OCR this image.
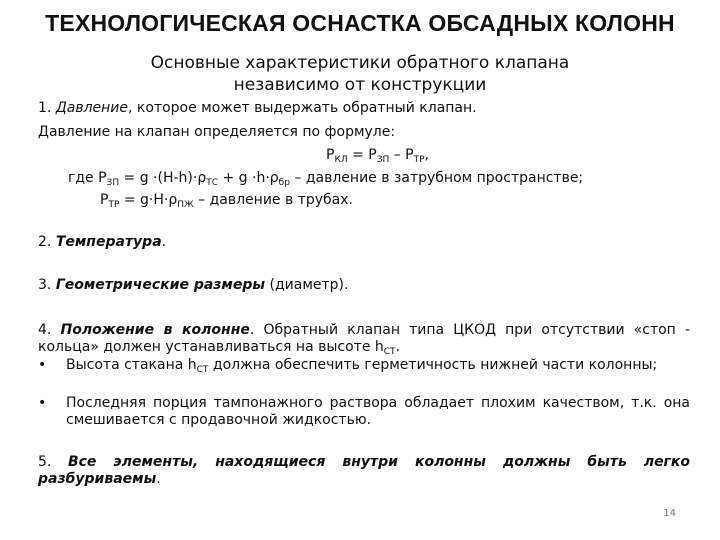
ТЕХНОЛОГИЧЕСКАЯ ОСНАСТКА ОБСАДНЫХ КОЛОНН
Основные характеристики обратного клапана
независимо от конструкции
1. Давление, которое может выдержать обратный клапан.
Давление на клапан определяется по формуле:
$Р_{КЛ} = Р_{ЗП} - Р_{ТР}$,
где $Р_{ЗП} = g \cdot(H-h)\cdot\rho_{ТС} + g \cdot h\cdot\rho_{бр}$ – давление в затрубном пространстве;
$Р_{ТР} = g\cdot H\cdot\rho_{ПЖ}$ – давление в трубах.
2. Температура.
3. Геометрические размеры (диаметр).
4. Положение в колонне. Обратный клапан типа ЦКОД при отсутствии «стоп - кольца» должен устанавливаться на высоте $h_{СТ}$.
• Высота стакана $h_{СТ}$ должна обеспечить герметичность нижней части колонны;
• Последняя порция тампонажного раствора обладает плохим качеством, т.к. она смешивается с продавочной жидкостью.
5. Все элементы, находящиеся внутри колонны должны быть легко разбуриваемы.
14
